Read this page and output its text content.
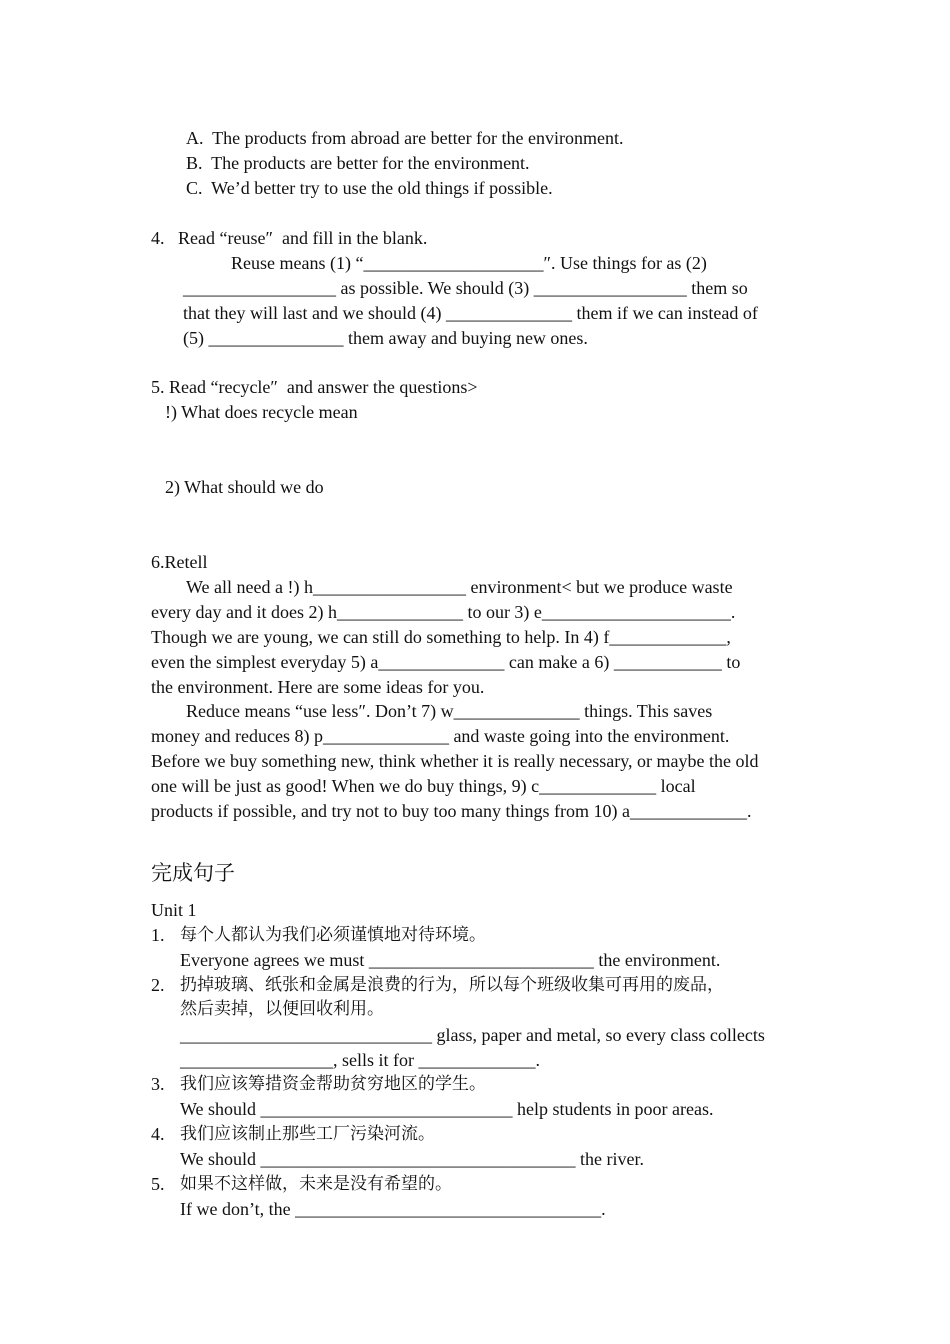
A.  The products from abroad are better for the environment.
B.  The products are better for the environment.
C.  We’d better try to use the old things if possible.
4.   Read “reuse″  and fill in the blank.
Reuse means (1) “____________________″. Use things for as (2)
_________________ as possible. We should (3) _________________ them so
that they will last and we should (4) ______________ them if we can instead of
(5) _______________ them away and buying new ones.
5. Read “recycle″  and answer the questions>
!) What does recycle mean
2) What should we do
6.Retell
We all need a !) h_________________ environment< but we produce waste
every day and it does 2) h______________ to our 3) e_____________________.
Though we are young, we can still do something to help. In 4) f_____________,
even the simplest everyday 5) a______________ can make a 6) ____________ to
the environment. Here are some ideas for you.
Reduce means “use less″. Don’t 7) w______________ things. This saves
money and reduces 8) p______________ and waste going into the environment.
Before we buy something new, think whether it is really necessary, or maybe the old
one will be just as good! When we do buy things, 9) c_____________ local
products if possible, and try not to buy too many things from 10) a_____________.
完成句子
Unit 1
1. 每个人都认为我们必须谨慎地对待环境。
Everyone agrees we must _________________________ the environment.
2. 扔掉玻璃、纸张和金属是浪费的行为，所以每个班级收集可再用的废品，
然后卖掉，以便回收利用。
____________________________ glass, paper and metal, so every class collects
_________________, sells it for _____________.
3. 我们应该筹措资金帮助贫穷地区的学生。
We should ____________________________ help students in poor areas.
4. 我们应该制止那些工厂污染河流。
We should ___________________________________ the river.
5. 如果不这样做，未来是没有希望的。
If we don’t, the __________________________________.
